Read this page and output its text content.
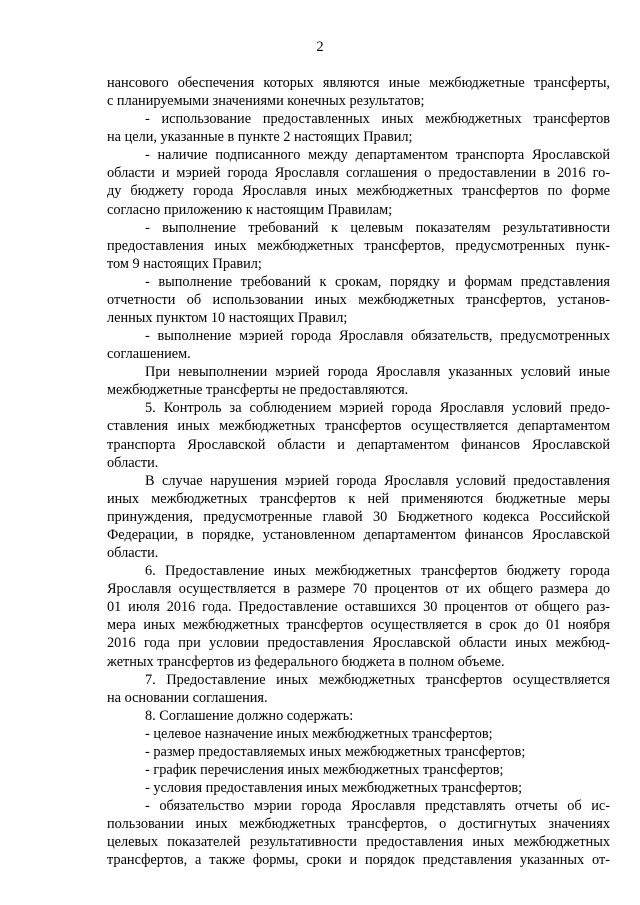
2
нансового обеспечения которых являются иные межбюджетные трансферты,
с планируемыми значениями конечных результатов;
- использование предоставленных иных межбюджетных трансфертов
на цели, указанные в пункте 2 настоящих Правил;
- наличие подписанного между департаментом транспорта Ярославской
области и мэрией города Ярославля соглашения о предоставлении в 2016 го-
ду бюджету города Ярославля иных межбюджетных трансфертов по форме
согласно приложению к настоящим Правилам;
- выполнение требований к целевым показателям результативности
предоставления иных межбюджетных трансфертов, предусмотренных пунк-
том 9 настоящих Правил;
- выполнение требований к срокам, порядку и формам представления
отчетности об использовании иных межбюджетных трансфертов, установ-
ленных пунктом 10 настоящих Правил;
- выполнение мэрией города Ярославля обязательств, предусмотренных
соглашением.
При невыполнении мэрией города Ярославля указанных условий иные
межбюджетные трансферты не предоставляются.
5. Контроль за соблюдением мэрией города Ярославля условий предо-
ставления иных межбюджетных трансфертов осуществляется департаментом
транспорта Ярославской области и департаментом финансов Ярославской
области.
В случае нарушения мэрией города Ярославля условий предоставления
иных межбюджетных трансфертов к ней применяются бюджетные меры
принуждения, предусмотренные главой 30 Бюджетного кодекса Российской
Федерации, в порядке, установленном департаментом финансов Ярославской
области.
6. Предоставление иных межбюджетных трансфертов бюджету города
Ярославля осуществляется в размере 70 процентов от их общего размера до
01 июля 2016 года. Предоставление оставшихся 30 процентов от общего раз-
мера иных межбюджетных трансфертов осуществляется в срок до 01 ноября
2016 года при условии предоставления Ярославской области иных межбюд-
жетных трансфертов из федерального бюджета в полном объеме.
7. Предоставление иных межбюджетных трансфертов осуществляется
на основании соглашения.
8. Соглашение должно содержать:
- целевое назначение иных межбюджетных трансфертов;
- размер предоставляемых иных межбюджетных трансфертов;
- график перечисления иных межбюджетных трансфертов;
- условия предоставления иных межбюджетных трансфертов;
- обязательство мэрии города Ярославля представлять отчеты об ис-
пользовании иных межбюджетных трансфертов, о достигнутых значениях
целевых показателей результативности предоставления иных межбюджетных
трансфертов, а также формы, сроки и порядок представления указанных от-
